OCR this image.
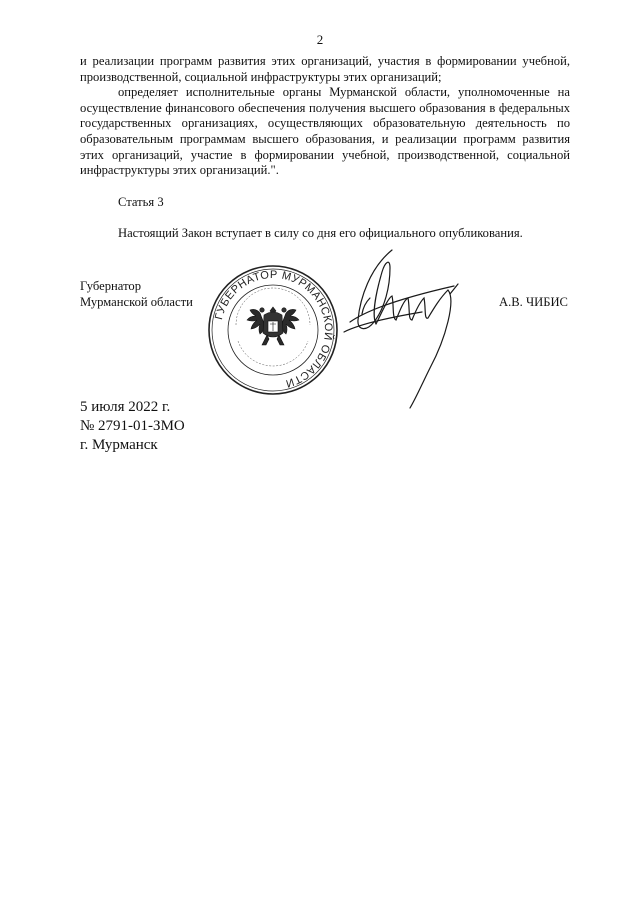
2

и реализации программ развития этих организаций, участия в формировании учебной, производственной, социальной инфраструктуры этих организаций;

определяет исполнительные органы Мурманской области, уполномоченные на осуществление финансового обеспечения получения высшего образования в федеральных государственных организациях, осуществляющих образовательную деятельность по образовательным программам высшего образования, и реализации программ развития этих организаций, участие в формировании учебной, производственной, социальной инфраструктуры этих организаций.".

Статья 3

Настоящий Закон вступает в силу со дня его официального опубликования.

Губернатор
Мурманской области
ГУБЕРНАТОР МУРМАНСКОЙ ОБЛАСТИ
А.В. ЧИБИС
5 июля 2022 г.
№ 2791-01-ЗМО
г. Мурманск
